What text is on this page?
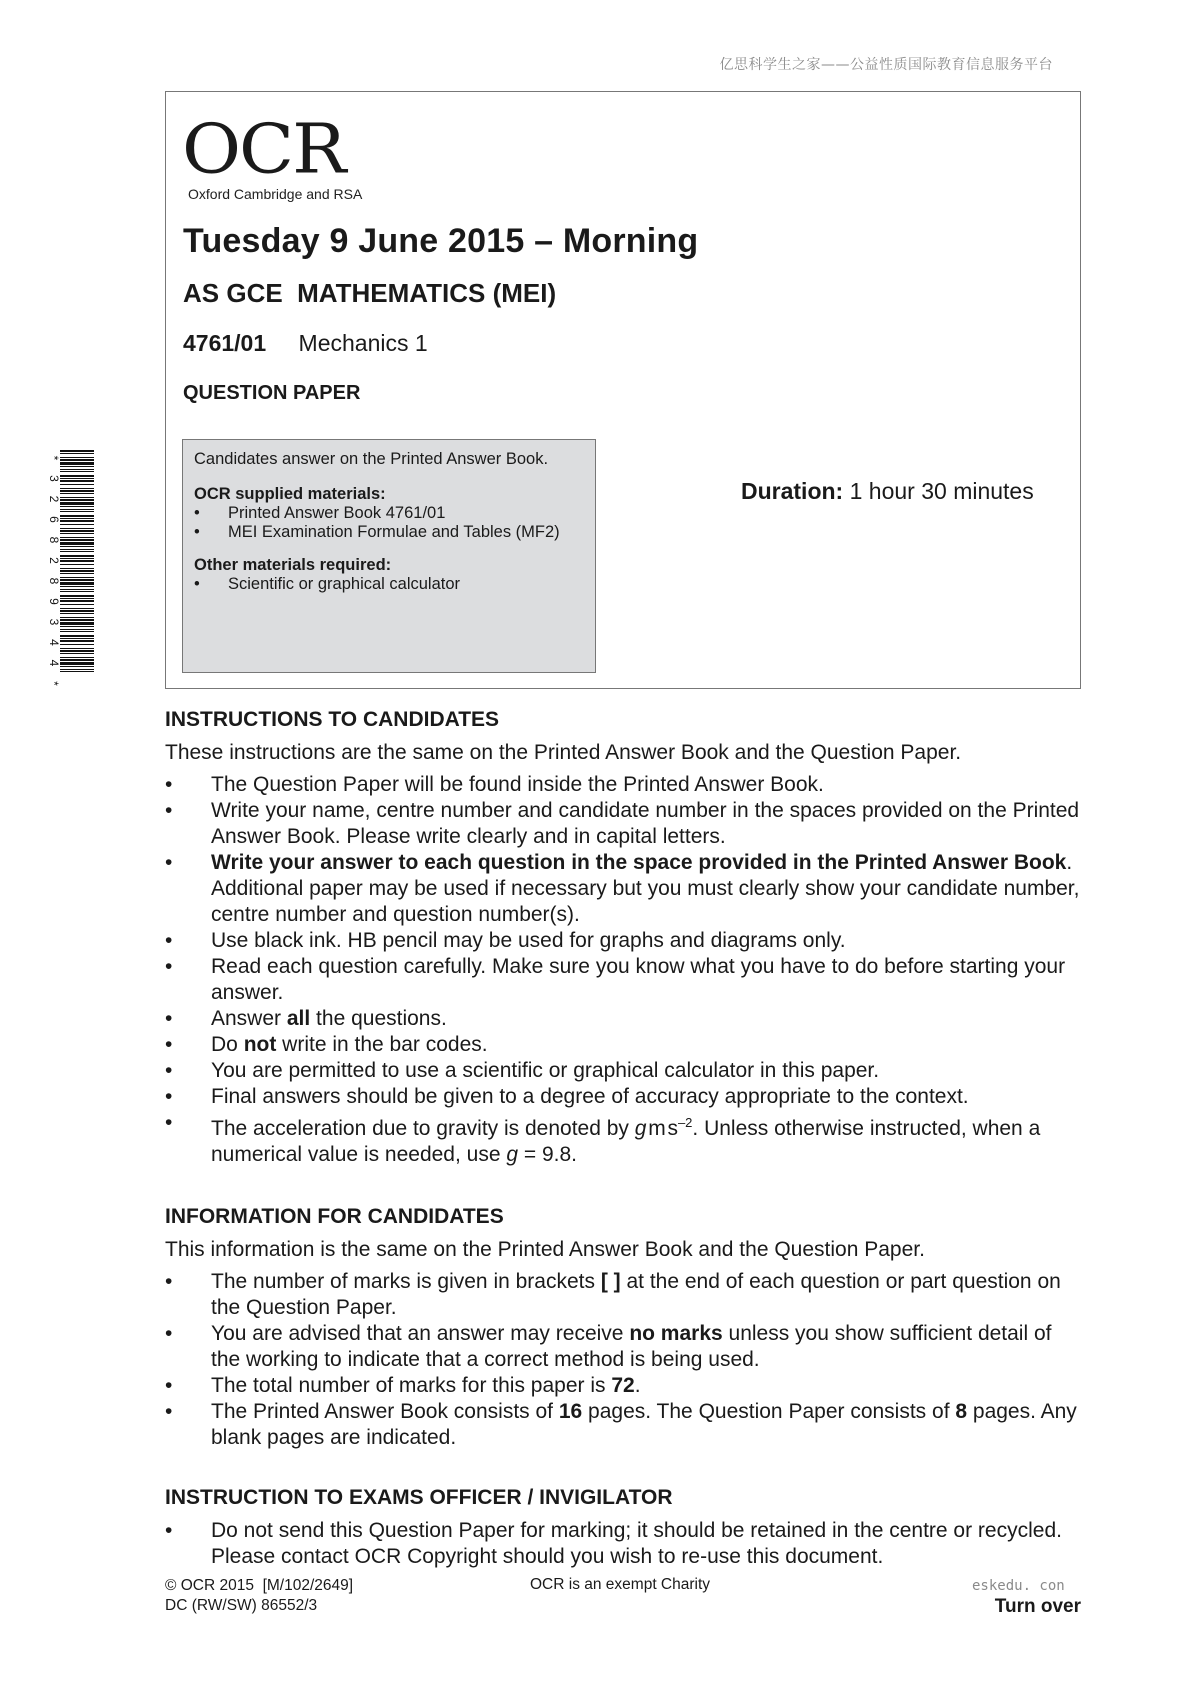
亿思科学生之家——公益性质国际教育信息服务平台
*
3
2
6
8
2
8
9
3
4
4
*
OCR
Oxford Cambridge and RSA
Tuesday 9 June 2015 – Morning
AS GCE  MATHEMATICS (MEI)
4761/01 Mechanics 1
QUESTION PAPER
Candidates answer on the Printed Answer Book.
OCR supplied materials:
•	Printed Answer Book 4761/01
•	MEI Examination Formulae and Tables (MF2)
Other materials required:
•	Scientific or graphical calculator
Duration: 1 hour 30 minutes
INSTRUCTIONS TO CANDIDATES
These instructions are the same on the Printed Answer Book and the Question Paper.
•	The Question Paper will be found inside the Printed Answer Book.
•	Write your name, centre number and candidate number in the spaces provided on the Printed Answer Book. Please write clearly and in capital letters.
•	Write your answer to each question in the space provided in the Printed Answer Book. Additional paper may be used if necessary but you must clearly show your candidate number, centre number and question number(s).
•	Use black ink. HB pencil may be used for graphs and diagrams only.
•	Read each question carefully. Make sure you know what you have to do before starting your answer.
•	Answer all the questions.
•	Do not write in the bar codes.
•	You are permitted to use a scientific or graphical calculator in this paper.
•	Final answers should be given to a degree of accuracy appropriate to the context.
•	The acceleration due to gravity is denoted by g m $s^{-2}$. Unless otherwise instructed, when a numerical value is needed, use g = 9.8.
INFORMATION FOR CANDIDATES
This information is the same on the Printed Answer Book and the Question Paper.
•	The number of marks is given in brackets [ ] at the end of each question or part question on the Question Paper.
•	You are advised that an answer may receive no marks unless you show sufficient detail of the working to indicate that a correct method is being used.
•	The total number of marks for this paper is 72.
•	The Printed Answer Book consists of 16 pages. The Question Paper consists of 8 pages. Any blank pages are indicated.
INSTRUCTION TO EXAMS OFFICER / INVIGILATOR
•	Do not send this Question Paper for marking; it should be retained in the centre or recycled. Please contact OCR Copyright should you wish to re-use this document.
© OCR 2015  [M/102/2649]
DC (RW/SW) 86552/3
OCR is an exempt Charity	eskedu. con
Turn over
